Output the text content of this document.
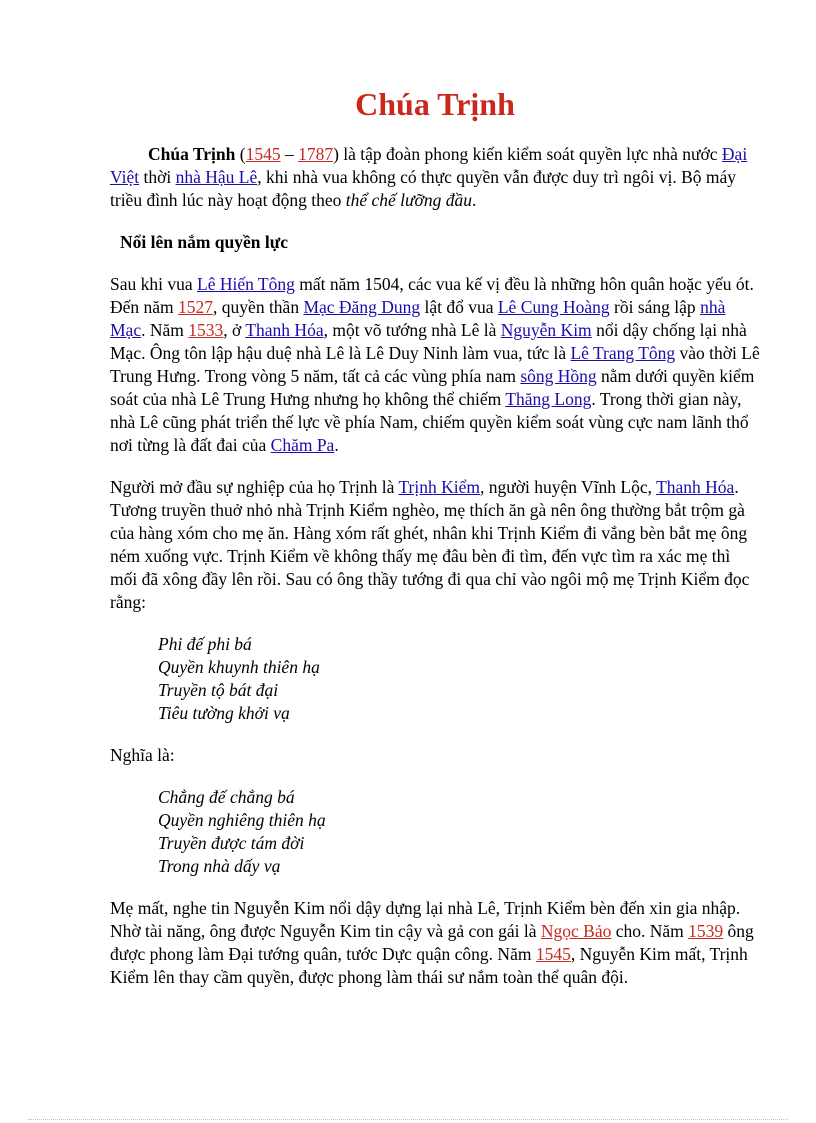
Chúa Trịnh

Chúa Trịnh (1545 – 1787) là tập đoàn phong kiến kiểm soát quyền lực nhà nước Đại Việt thời nhà Hậu Lê, khi nhà vua không có thực quyền vẫn được duy trì ngôi vị. Bộ máy triều đình lúc này hoạt động theo thể chế lưỡng đầu.

Nổi lên nắm quyền lực

Sau khi vua Lê Hiến Tông mất năm 1504, các vua kế vị đều là những hôn quân hoặc yếu ót. Đến năm 1527, quyền thần Mạc Đăng Dung lật đổ vua Lê Cung Hoàng rồi sáng lập nhà Mạc. Năm 1533, ở Thanh Hóa, một võ tướng nhà Lê là Nguyễn Kim nổi dậy chống lại nhà Mạc. Ông tôn lập hậu duệ nhà Lê là Lê Duy Ninh làm vua, tức là Lê Trang Tông vào thời Lê Trung Hưng. Trong vòng 5 năm, tất cả các vùng phía nam sông Hồng nằm dưới quyền kiểm soát của nhà Lê Trung Hưng nhưng họ không thể chiếm Thăng Long. Trong thời gian này, nhà Lê cũng phát triển thế lực về phía Nam, chiếm quyền kiểm soát vùng cực nam lãnh thổ nơi từng là đất đai của Chăm Pa.

Người mở đầu sự nghiệp của họ Trịnh là Trịnh Kiểm, người huyện Vĩnh Lộc, Thanh Hóa. Tương truyền thuở nhỏ nhà Trịnh Kiểm nghèo, mẹ thích ăn gà nên ông thường bắt trộm gà của hàng xóm cho mẹ ăn. Hàng xóm rất ghét, nhân khi Trịnh Kiểm đi vắng bèn bắt mẹ ông ném xuống vực. Trịnh Kiểm về không thấy mẹ đâu bèn đi tìm, đến vực tìm ra xác mẹ thì mối đã xông đầy lên rồi. Sau có ông thầy tướng đi qua chỉ vào ngôi mộ mẹ Trịnh Kiểm đọc rằng:

Phi đế phi bá
Quyền khuynh thiên hạ
Truyền tộ bát đại
Tiêu tường khởi vạ

Nghĩa là:

Chẳng đế chẳng bá
Quyền nghiêng thiên hạ
Truyền được tám đời
Trong nhà dấy vạ

Mẹ mất, nghe tin Nguyễn Kim nổi dậy dựng lại nhà Lê, Trịnh Kiểm bèn đến xin gia nhập. Nhờ tài năng, ông được Nguyễn Kim tin cậy và gả con gái là Ngọc Bảo cho. Năm 1539 ông được phong làm Đại tướng quân, tước Dực quận công. Năm 1545, Nguyễn Kim mất, Trịnh Kiểm lên thay cầm quyền, được phong làm thái sư nắm toàn thể quân đội.
